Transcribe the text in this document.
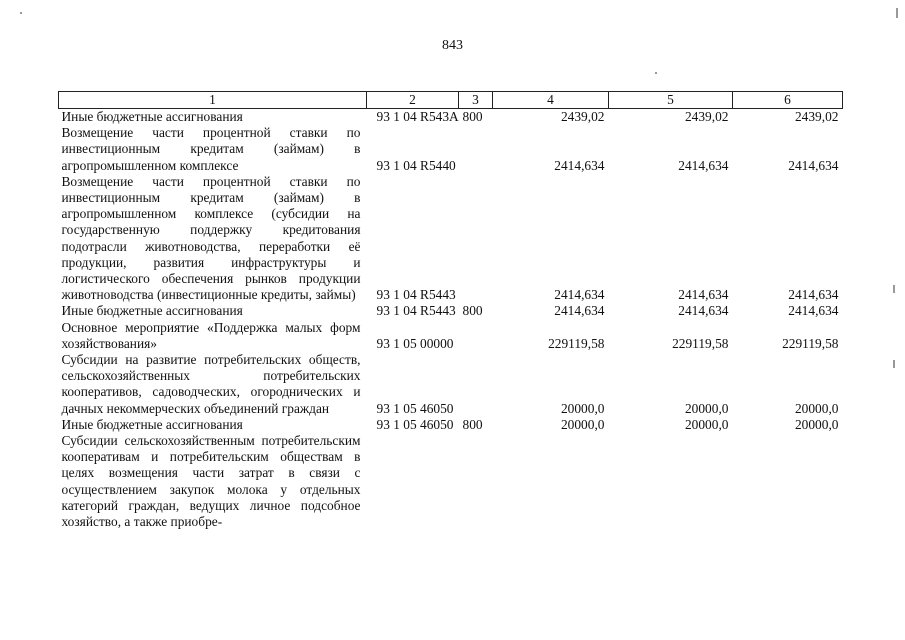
843
1	2	3	4	5	6
Иные бюджетные ассигнования	93 1 04 R543А	800	2439,02	2439,02	2439,02
Возмещение части процентной ставки по инвестиционным кредитам (займам) в агропромышленном комплексе	93 1 04 R5440		2414,634	2414,634	2414,634
Возмещение части процентной ставки по инвестиционным кредитам (займам) в агропромышленном комплексе (субсидии на государственную поддержку кредитования подотрасли животноводства, переработки её продукции, развития инфраструктуры и логистического обеспечения рынков продукции животноводства (инвестиционные кредиты, займы)	93 1 04 R5443		2414,634	2414,634	2414,634
Иные бюджетные ассигнования	93 1 04 R5443	800	2414,634	2414,634	2414,634
Основное мероприятие «Поддержка малых форм хозяйствования»	93 1 05 00000		229119,58	229119,58	229119,58
Субсидии на развитие потребительских обществ, сельскохозяйственных потребительских кооперативов, садоводческих, огороднических и дачных некоммерческих объединений граждан	93 1 05 46050		20000,0	20000,0	20000,0
Иные бюджетные ассигнования	93 1 05 46050	800	20000,0	20000,0	20000,0
Субсидии сельскохозяйственным потребительским кооперативам и потребительским обществам в целях возмещения части затрат в связи с осуществлением закупок молока у отдельных категорий граждан, ведущих личное подсобное хозяйство, а также приобре-					
